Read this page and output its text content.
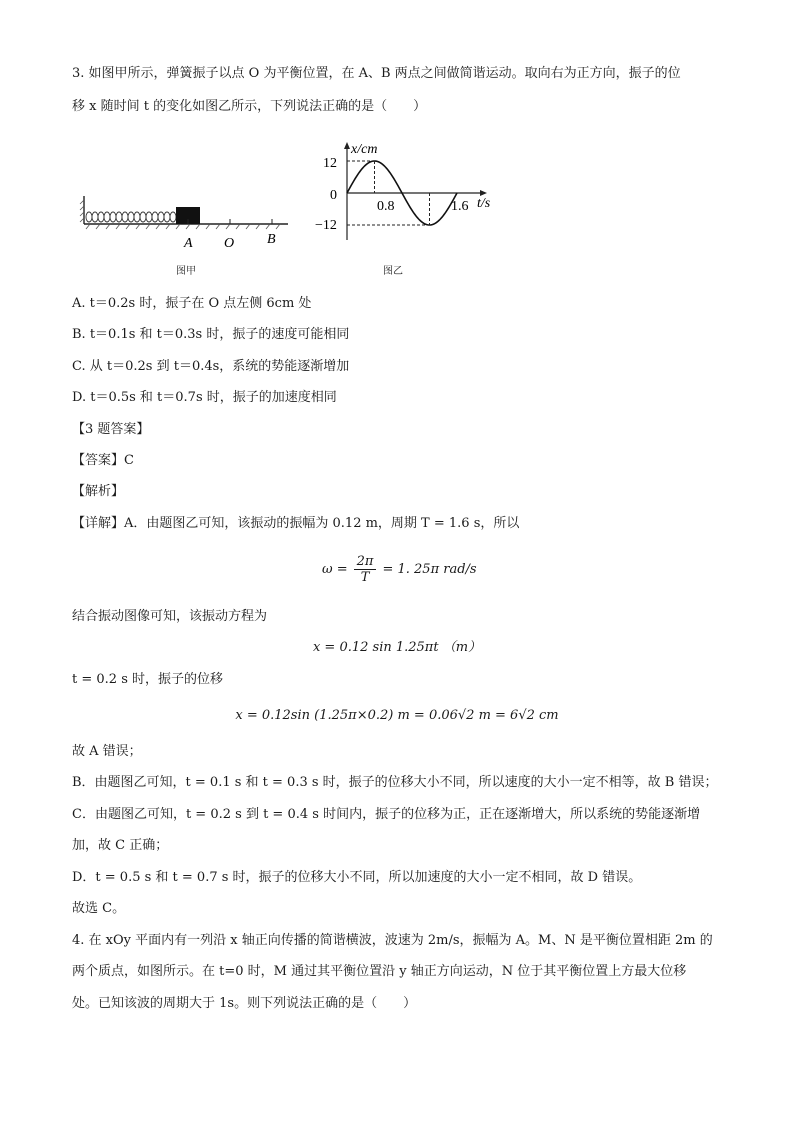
3. 如图甲所示，弹簧振子以点 O 为平衡位置，在 A、B 两点之间做简谐运动。取向右为正方向，振子的位
移 x 随时间 t 的变化如图乙所示，下列说法正确的是（　　）
A O B
图甲
x/cm
t/s
0
12
−12
0.8	1.6
图乙
A. t＝0.2s 时，振子在 O 点左侧 6cm 处
B. t＝0.1s 和 t＝0.3s 时，振子的速度可能相同
C. 从 t＝0.2s 到 t＝0.4s，系统的势能逐渐增加
D. t＝0.5s 和 t＝0.7s 时，振子的加速度相同
【3 题答案】
【答案】C
【解析】
【详解】A．由题图乙可知，该振动的振幅为 0.12 m，周期 T = 1.6 s，所以
$\omega = \frac{2\pi}{T} = 1$. 25π rad/s
结合振动图像可知，该振动方程为
x = 0.12 sin 1.25πt （m）
t = 0.2 s 时，振子的位移
x = 0.12sin (1.25π×0.2) m = 0.06√2 m = 6√2 cm
故 A 错误；
B．由题图乙可知，t = 0.1 s 和 t = 0.3 s 时，振子的位移大小不同，所以速度的大小一定不相等，故 B 错误；
C．由题图乙可知，t = 0.2 s 到 t = 0.4 s 时间内，振子的位移为正，正在逐渐增大，所以系统的势能逐渐增
加，故 C 正确；
D．t = 0.5 s 和 t = 0.7 s 时，振子的位移大小不同，所以加速度的大小一定不相同，故 D 错误。
故选 C。
4. 在 xOy 平面内有一列沿 x 轴正向传播的简谐横波，波速为 2m/s，振幅为 A。M、N 是平衡位置相距 2m 的
两个质点，如图所示。在 t=0 时，M 通过其平衡位置沿 y 轴正方向运动，N 位于其平衡位置上方最大位移
处。已知该波的周期大于 1s。则下列说法正确的是（　　）
